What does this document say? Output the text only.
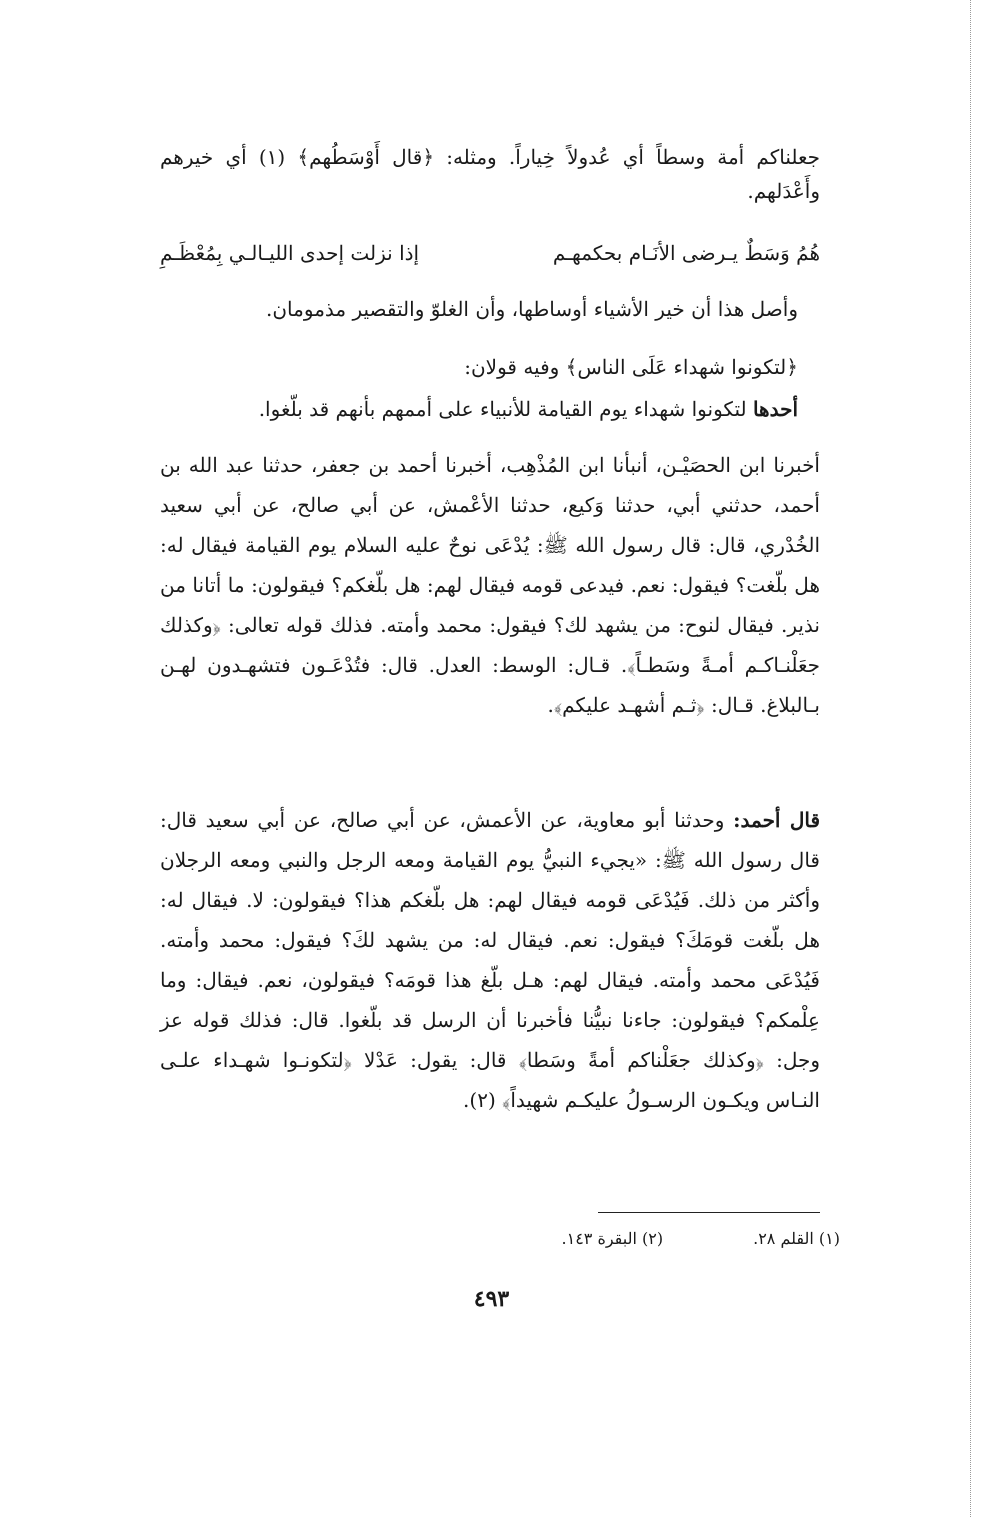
جعلناكم أمة وسطاً أي عُدولاً خِياراً. ومثله: ﴿قال أَوْسَطُهم﴾ (١) أي خيرهم وأَعْدَلهم.

هُمُ وَسَطٌ يـرضى الأنَـام بحكمهـم
إذا نزلت إحدى الليـالـي بِمُعْظَـمِ

وأصل هذا أن خير الأشياء أوساطها، وأن الغلوّ والتقصير مذمومان.

﴿لتكونوا شهداء عَلَى الناس﴾ وفيه قولان:

أحدها لتكونوا شهداء يوم القيامة للأنبياء على أممهم بأنهم قد بلّغوا.

أخبرنا ابن الحصَيْـن، أنبأنا ابن المُذْهِب، أخبرنا أحمد بن جعفر، حدثنا عبد الله بن أحمد، حدثني أبي، حدثنا وَكيع، حدثنا الأعْمش، عن أبي صالح، عن أبي سعيد الخُدْري، قال: قال رسول الله ﷺ: يُدْعَى نوحٌ عليه السلام يوم القيامة فيقال له: هل بلّغت؟ فيقول: نعم. فيدعى قومه فيقال لهم: هل بلّغكم؟ فيقولون: ما أتانا من نذير. فيقال لنوح: من يشهد لك؟ فيقول: محمد وأمته. فذلك قوله تعالى: ﴿وكذلك جعَلْنـاكـم أمـةً وسَطـاً﴾. قـال: الوسط: العدل. قال: فتُدْعَـون فتشهـدون لهـن بـالبلاغ. قـال: ﴿ثـم أشهـد عليكم﴾.

قال أحمد: وحدثنا أبو معاوية، عن الأعمش، عن أبي صالح، عن أبي سعيد قال: قال رسول الله ﷺ: «يجيء النبيُّ يوم القيامة ومعه الرجل والنبي ومعه الرجلان وأكثر من ذلك. فَيُدْعَى قومه فيقال لهم: هل بلّغكم هذا؟ فيقولون: لا. فيقال له: هل بلّغت قومَكَ؟ فيقول: نعم. فيقال له: من يشهد لكَ؟ فيقول: محمد وأمته. فَيُدْعَى محمد وأمته. فيقال لهم: هـل بلّغ هذا قومَه؟ فيقولون، نعم. فيقال: وما عِلْمكم؟ فيقولون: جاءنا نبيُّنا فأخبرنا أن الرسل قد بلّغوا. قال: فذلك قوله عز وجل: ﴿وكذلك جعَلْناكم أمةً وسَطا﴾ قال: يقول: عَدْلا ﴿لتكونـوا شهـداء علـى النـاس ويكـون الرسـولُ عليكـم شهيداً﴾ (٢).

(١) القلم ٢٨.
(٢) البقرة ١٤٣.
٤٩٣
